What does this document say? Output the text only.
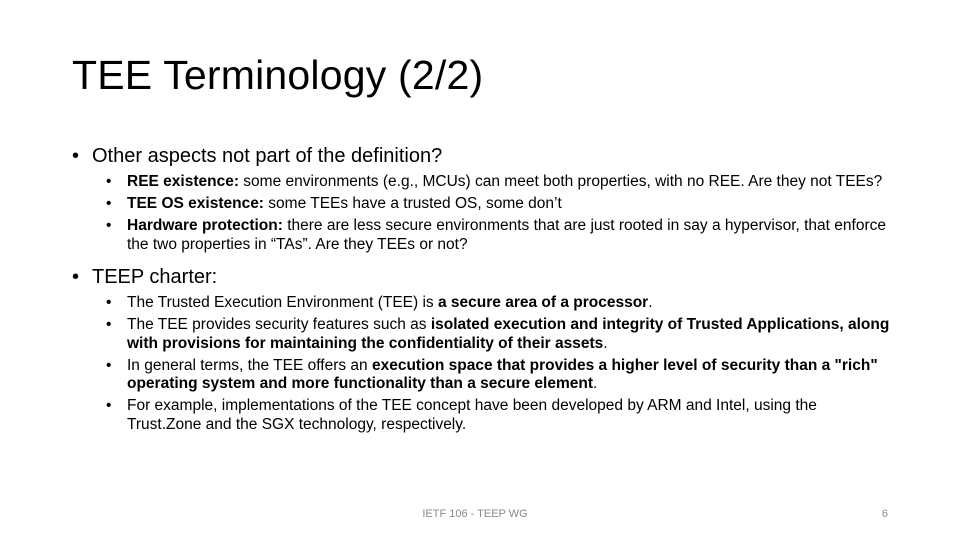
TEE Terminology (2/2)
• Other aspects not part of the definition?
• REE existence: some environments (e.g., MCUs) can meet both properties, with no REE. Are they not TEEs?
• TEE OS existence: some TEEs have a trusted OS, some don’t
• Hardware protection: there are less secure environments that are just rooted in say a hypervisor, that enforce the two properties in “TAs”. Are they TEEs or not?
• TEEP charter:
• The Trusted Execution Environment (TEE) is a secure area of a processor.
• The TEE provides security features such as isolated execution and integrity of Trusted Applications, along with provisions for maintaining the confidentiality of their assets.
• In general terms, the TEE offers an execution space that provides a higher level of security than a "rich" operating system and more functionality than a secure element.
• For example, implementations of the TEE concept have been developed by ARM and Intel, using the Trust.Zone and the SGX technology, respectively.
IETF 106 - TEEP WG	6
